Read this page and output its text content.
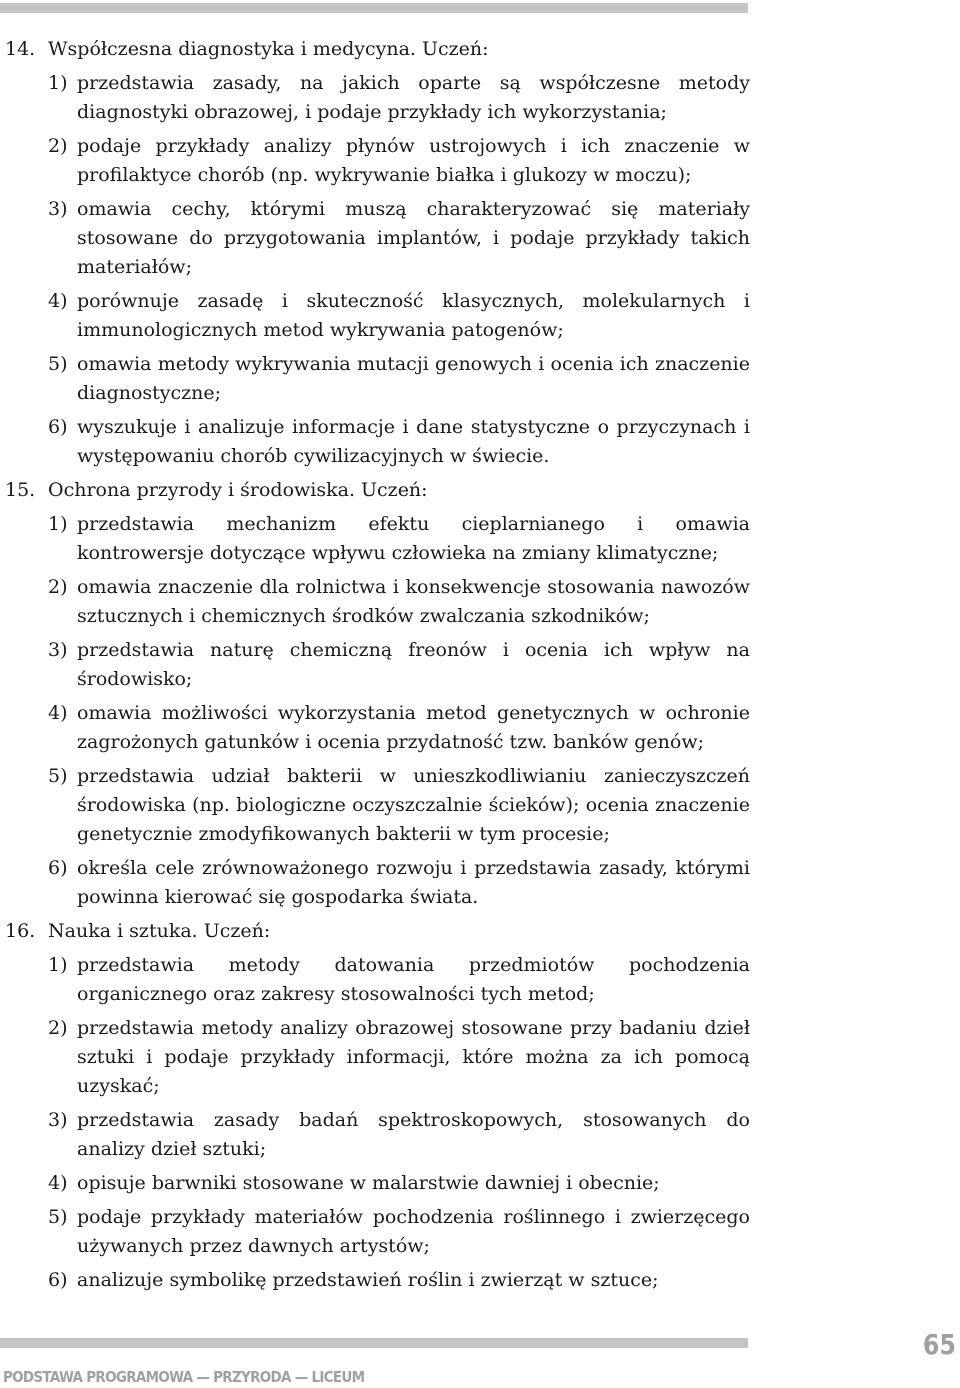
14. Współczesna diagnostyka i medycyna. Uczeń:
1) przedstawia zasady, na jakich oparte są współczesne metody diagnostyki obrazowej, i podaje przykłady ich wykorzystania;
2) podaje przykłady analizy płynów ustrojowych i ich znaczenie w profilaktyce chorób (np. wykrywanie białka i glukozy w moczu);
3) omawia cechy, którymi muszą charakteryzować się materiały stosowane do przygotowania implantów, i podaje przykłady takich materiałów;
4) porównuje zasadę i skuteczność klasycznych, molekularnych i immunologicznych metod wykrywania patogenów;
5) omawia metody wykrywania mutacji genowych i ocenia ich znaczenie diagnostyczne;
6) wyszukuje i analizuje informacje i dane statystyczne o przyczynach i występowaniu chorób cywilizacyjnych w świecie.
15. Ochrona przyrody i środowiska. Uczeń:
1) przedstawia mechanizm efektu cieplarnianego i omawia kontrowersje dotyczące wpływu człowieka na zmiany klimatyczne;
2) omawia znaczenie dla rolnictwa i konsekwencje stosowania nawozów sztucznych i chemicznych środków zwalczania szkodników;
3) przedstawia naturę chemiczną freonów i ocenia ich wpływ na środowisko;
4) omawia możliwości wykorzystania metod genetycznych w ochronie zagrożonych gatunków i ocenia przydatność tzw. banków genów;
5) przedstawia udział bakterii w unieszkodliwianiu zanieczyszczeń środowiska (np. biologiczne oczyszczalnie ścieków); ocenia znaczenie genetycznie zmodyfikowanych bakterii w tym procesie;
6) określa cele zrównoważonego rozwoju i przedstawia zasady, którymi powinna kierować się gospodarka świata.
16. Nauka i sztuka. Uczeń:
1) przedstawia metody datowania przedmiotów pochodzenia organicznego oraz zakresy stosowalności tych metod;
2) przedstawia metody analizy obrazowej stosowane przy badaniu dzieł sztuki i podaje przykłady informacji, które można za ich pomocą uzyskać;
3) przedstawia zasady badań spektroskopowych, stosowanych do analizy dzieł sztuki;
4) opisuje barwniki stosowane w malarstwie dawniej i obecnie;
5) podaje przykłady materiałów pochodzenia roślinnego i zwierzęcego używanych przez dawnych artystów;
6) analizuje symbolikę przedstawień roślin i zwierząt w sztuce;
PODSTAWA PROGRAMOWA — PRZYRODA — LICEUM
65
